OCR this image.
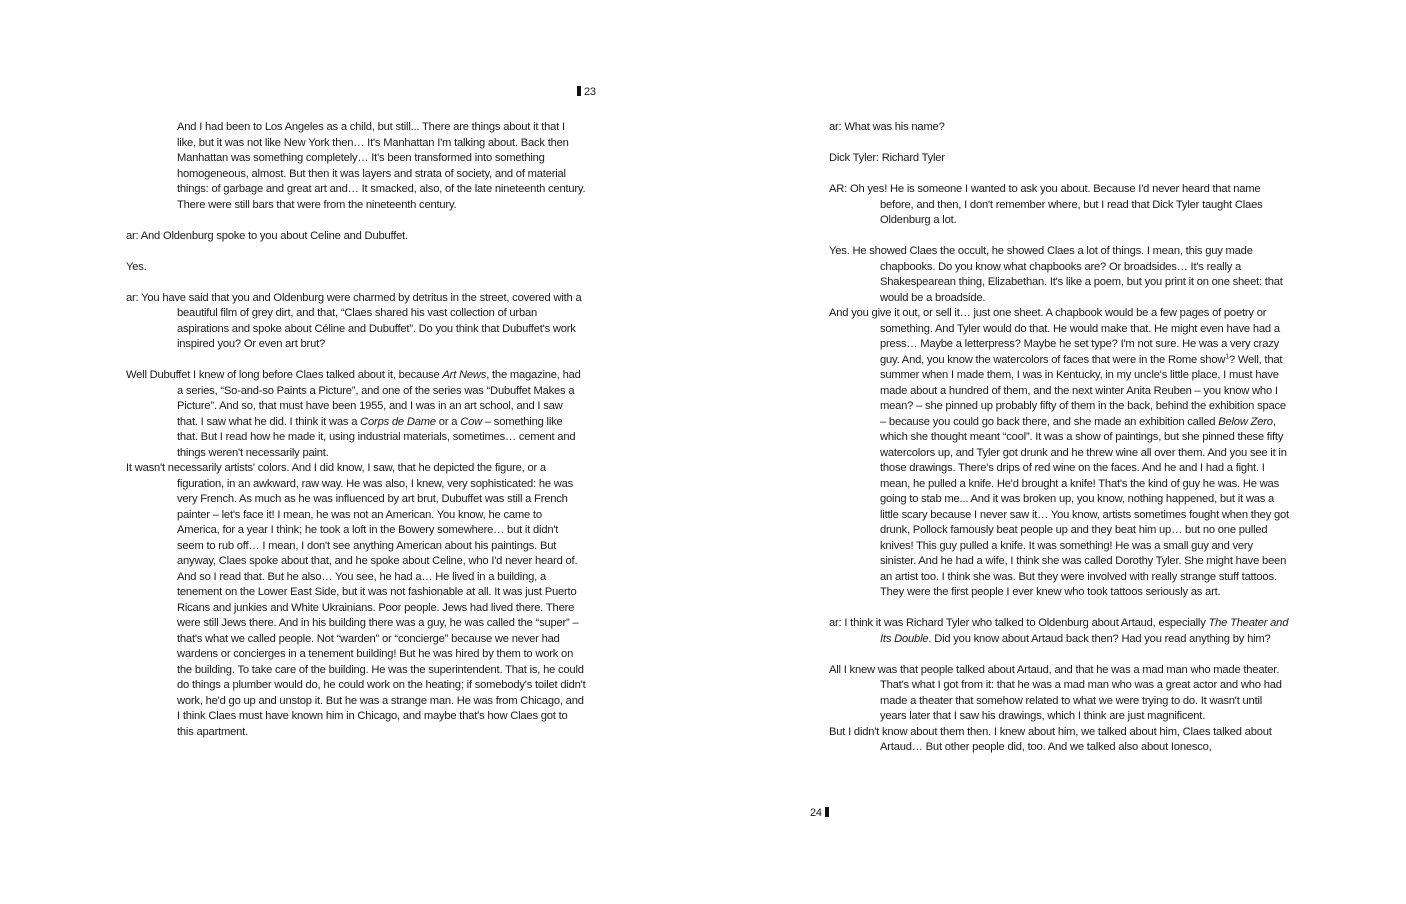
23
And I had been to Los Angeles as a child, but still... There are things about it that I like, but it was not like New York then… It's Manhattan I'm talking about. Back then Manhattan was something completely… It's been transformed into something homogeneous, almost. But then it was layers and strata of society, and of material things: of garbage and great art and… It smacked, also, of the late nineteenth century. There were still bars that were from the nineteenth century.

ar: And Oldenburg spoke to you about Celine and Dubuffet.

Yes.

ar: You have said that you and Oldenburg were charmed by detritus in the street, covered with a beautiful film of grey dirt, and that, “Claes shared his vast collection of urban aspirations and spoke about Céline and Dubuffet”. Do you think that Dubuffet's work inspired you? Or even art brut?

Well Dubuffet I knew of long before Claes talked about it, because Art News, the magazine, had a series, “So-and-so Paints a Picture”, and one of the series was “Dubuffet Makes a Picture”. And so, that must have been 1955, and I was in an art school, and I saw that. I saw what he did. I think it was a Corps de Dame or a Cow – something like that. But I read how he made it, using industrial materials, sometimes… cement and things weren't necessarily paint.
It wasn't necessarily artists' colors. And I did know, I saw, that he depicted the figure, or a figuration, in an awkward, raw way. He was also, I knew, very sophisticated: he was very French. As much as he was influenced by art brut, Dubuffet was still a French painter – let's face it! I mean, he was not an American. You know, he came to America, for a year I think; he took a loft in the Bowery somewhere… but it didn't seem to rub off… I mean, I don't see anything American about his paintings. But anyway, Claes spoke about that, and he spoke about Celine, who I'd never heard of. And so I read that. But he also… You see, he had a… He lived in a building, a tenement on the Lower East Side, but it was not fashionable at all. It was just Puerto Ricans and junkies and White Ukrainians. Poor people. Jews had lived there. There were still Jews there. And in his building there was a guy, he was called the “super” – that's what we called people. Not “warden” or “concierge” because we never had wardens or concierges in a tenement building! But he was hired by them to work on the building. To take care of the building. He was the superintendent. That is, he could do things a plumber would do, he could work on the heating; if somebody's toilet didn't work, he'd go up and unstop it. But he was a strange man. He was from Chicago, and I think Claes must have known him in Chicago, and maybe that's how Claes got to this apartment.

24

ar: What was his name?

Dick Tyler: Richard Tyler

AR: Oh yes! He is someone I wanted to ask you about. Because I'd never heard that name before, and then, I don't remember where, but I read that Dick Tyler taught Claes Oldenburg a lot.

Yes. He showed Claes the occult, he showed Claes a lot of things. I mean, this guy made chapbooks. Do you know what chapbooks are? Or broadsides… It's really a Shakespearean thing, Elizabethan. It's like a poem, but you print it on one sheet: that would be a broadside.
And you give it out, or sell it… just one sheet. A chapbook would be a few pages of poetry or something. And Tyler would do that. He would make that. He might even have had a press… Maybe a letterpress? Maybe he set type? I'm not sure. He was a very crazy guy. And, you know the watercolors of faces that were in the Rome show$^1$? Well, that summer when I made them, I was in Kentucky, in my uncle's little place, I must have made about a hundred of them, and the next winter Anita Reuben – you know who I mean? – she pinned up probably fifty of them in the back, behind the exhibition space – because you could go back there, and she made an exhibition called Below Zero, which she thought meant “cool”. It was a show of paintings, but she pinned these fifty watercolors up, and Tyler got drunk and he threw wine all over them. And you see it in those drawings. There's drips of red wine on the faces. And he and I had a fight. I mean, he pulled a knife. He'd brought a knife! That's the kind of guy he was. He was going to stab me... And it was broken up, you know, nothing happened, but it was a little scary because I never saw it… You know, artists sometimes fought when they got drunk, Pollock famously beat people up and they beat him up… but no one pulled knives! This guy pulled a knife. It was something! He was a small guy and very sinister. And he had a wife, I think she was called Dorothy Tyler. She might have been an artist too. I think she was. But they were involved with really strange stuff tattoos. They were the first people I ever knew who took tattoos seriously as art.

ar: I think it was Richard Tyler who talked to Oldenburg about Artaud, especially The Theater and Its Double. Did you know about Artaud back then? Had you read anything by him?

All I knew was that people talked about Artaud, and that he was a mad man who made theater. That's what I got from it: that he was a mad man who was a great actor and who had made a theater that somehow related to what we were trying to do. It wasn't until years later that I saw his drawings, which I think are just magnificent.
But I didn't know about them then. I knew about him, we talked about him, Claes talked about Artaud… But other people did, too. And we talked also about Ionesco,
